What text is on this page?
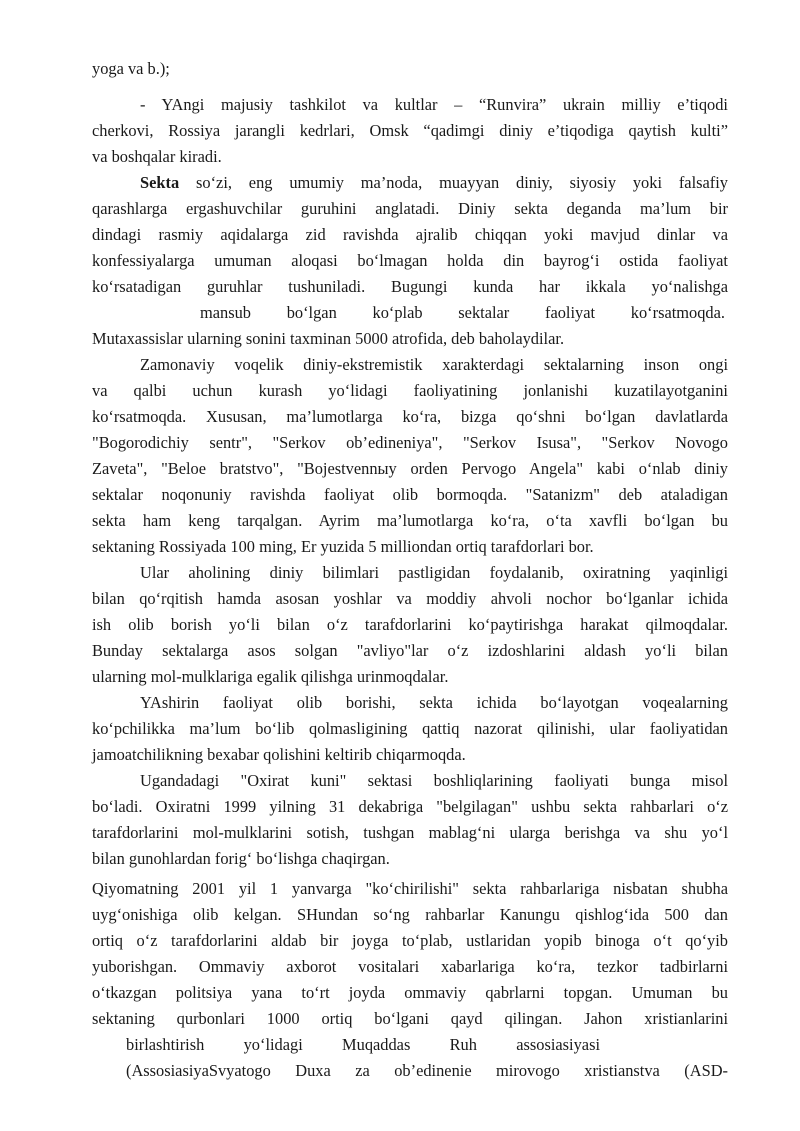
yoga va b.);
- YAngi majusiy tashkilot va kultlar – “Runvira” ukrain milliy e’tiqodi
cherkovi, Rossiya jarangli kedrlari, Omsk “qadimgi diniy e’tiqodiga qaytish kulti”
va boshqalar kiradi.
Sekta so‘zi, eng umumiy ma’noda, muayyan diniy, siyosiy yoki falsafiy
qarashlarga ergashuvchilar guruhini anglatadi. Diniy sekta deganda ma’lum bir
dindagi rasmiy aqidalarga zid ravishda ajralib chiqqan yoki mavjud dinlar va
konfessiyalarga umuman aloqasi bo‘lmagan holda din bayrog‘i ostida faoliyat
ko‘rsatadigan guruhlar tushuniladi. Bugungi kunda har ikkala yo‘nalishga
mansub bo‘lgan ko‘plab sektalar faoliyat ko‘rsatmoqda.
Mutaxassislar ularning sonini taxminan 5000 atrofida, deb baholaydilar.
Zamonaviy voqelik diniy-ekstremistik xarakterdagi sektalarning inson ongi
va qalbi uchun kurash yo‘lidagi faoliyatining jonlanishi kuzatilayotganini
ko‘rsatmoqda. Xususan, ma’lumotlarga ko‘ra, bizga qo‘shni bo‘lgan davlatlarda
"Bogorodichiy sentr", "Serkov ob’edineniya", "Serkov Isusa", "Serkov Novogo
Zaveta", "Beloe bratstvo", "Bojestvennыy orden Pervogo Angela" kabi o‘nlab diniy
sektalar noqonuniy ravishda faoliyat olib bormoqda. "Satanizm" deb ataladigan
sekta ham keng tarqalgan. Ayrim ma’lumotlarga ko‘ra, o‘ta xavfli bo‘lgan bu
sektaning Rossiyada 100 ming, Er yuzida 5 milliondan ortiq tarafdorlari bor.
Ular aholining diniy bilimlari pastligidan foydalanib, oxiratning yaqinligi
bilan qo‘rqitish hamda asosan yoshlar va moddiy ahvoli nochor bo‘lganlar ichida
ish olib borish yo‘li bilan o‘z tarafdorlarini ko‘paytirishga harakat qilmoqdalar.
Bunday sektalarga asos solgan "avliyo"lar o‘z izdoshlarini aldash yo‘li bilan
ularning mol-mulklariga egalik qilishga urinmoqdalar.
YAshirin faoliyat olib borishi, sekta ichida bo‘layotgan voqealarning
ko‘pchilikka ma’lum bo‘lib qolmasligining qattiq nazorat qilinishi, ular faoliyatidan
jamoatchilikning bexabar qolishini keltirib chiqarmoqda.
Ugandadagi "Oxirat kuni" sektasi boshliqlarining faoliyati bunga misol
bo‘ladi. Oxiratni 1999 yilning 31 dekabriga "belgilagan" ushbu sekta rahbarlari o‘z
tarafdorlarini mol-mulklarini sotish, tushgan mablag‘ni ularga berishga va shu yo‘l
bilan gunohlardan forig‘ bo‘lishga chaqirgan.
Qiyomatning 2001 yil 1 yanvarga "ko‘chirilishi" sekta rahbarlariga nisbatan shubha
uyg‘onishiga olib kelgan. SHundan so‘ng rahbarlar Kanungu qishlog‘ida 500 dan
ortiq o‘z tarafdorlarini aldab bir joyga to‘plab, ustlaridan yopib binoga o‘t qo‘yib
yuborishgan. Ommaviy axborot vositalari xabarlariga ko‘ra, tezkor tadbirlarni
o‘tkazgan politsiya yana to‘rt joyda ommaviy qabrlarni topgan. Umuman bu
sektaning qurbonlari 1000 ortiq bo‘lgani qayd qilingan. Jahon xristianlarini
birlashtirish yo‘lidagi Muqaddas Ruh assosiasiyasi
(AssosiasiyaSvyatogo Duxa za ob’edinenie mirovogo xristianstva (ASD-
